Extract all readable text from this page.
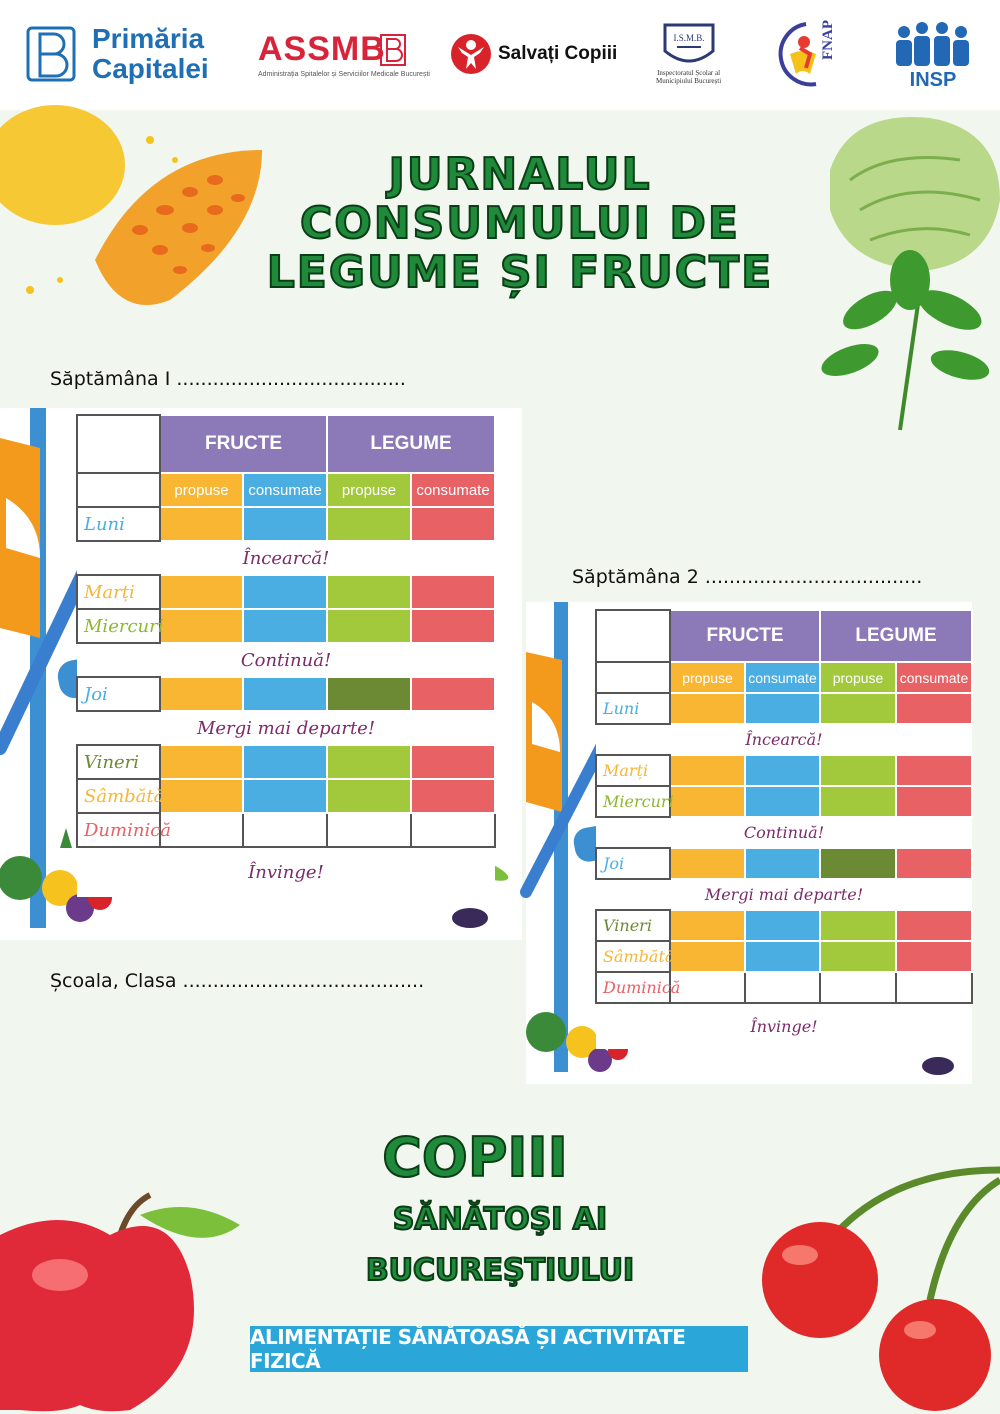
Primăria
Capitalei
ASSMB
Administrația Spitalelor și Serviciilor Medicale București
Salvați Copiii
I.S.M.B.
Inspectoratul Școlar al
Municipiului București
FNAP
INSP
JURNALUL
CONSUMULUI DE
LEGUME ȘI FRUCTE
Săptămâna I ......................................
Săptămâna 2 ....................................
Școala, Clasa ........................................
	FRUCTE		LEGUME	
	propuse	consumate	propuse	consumate
Luni				
Încearcă!				
Marți				
Miercuri				
Continuă!				
Joi				
Mergi mai departe!				
Vineri				
Sâmbătă				
Duminică				
Învinge!				
	FRUCTE		LEGUME	
	propuse	consumate	propuse	consumate
Luni				
Încearcă!				
Marți				
Miercuri				
Continuă!				
Joi				
Mergi mai departe!				
Vineri				
Sâmbătă				
Duminică				
Învinge!				
COPIII
SĂNĂTOŞI AI
BUCUREŞTIULUI
ALIMENTAȚIE SĂNĂTOASĂ ȘI ACTIVITATE FIZICĂ
